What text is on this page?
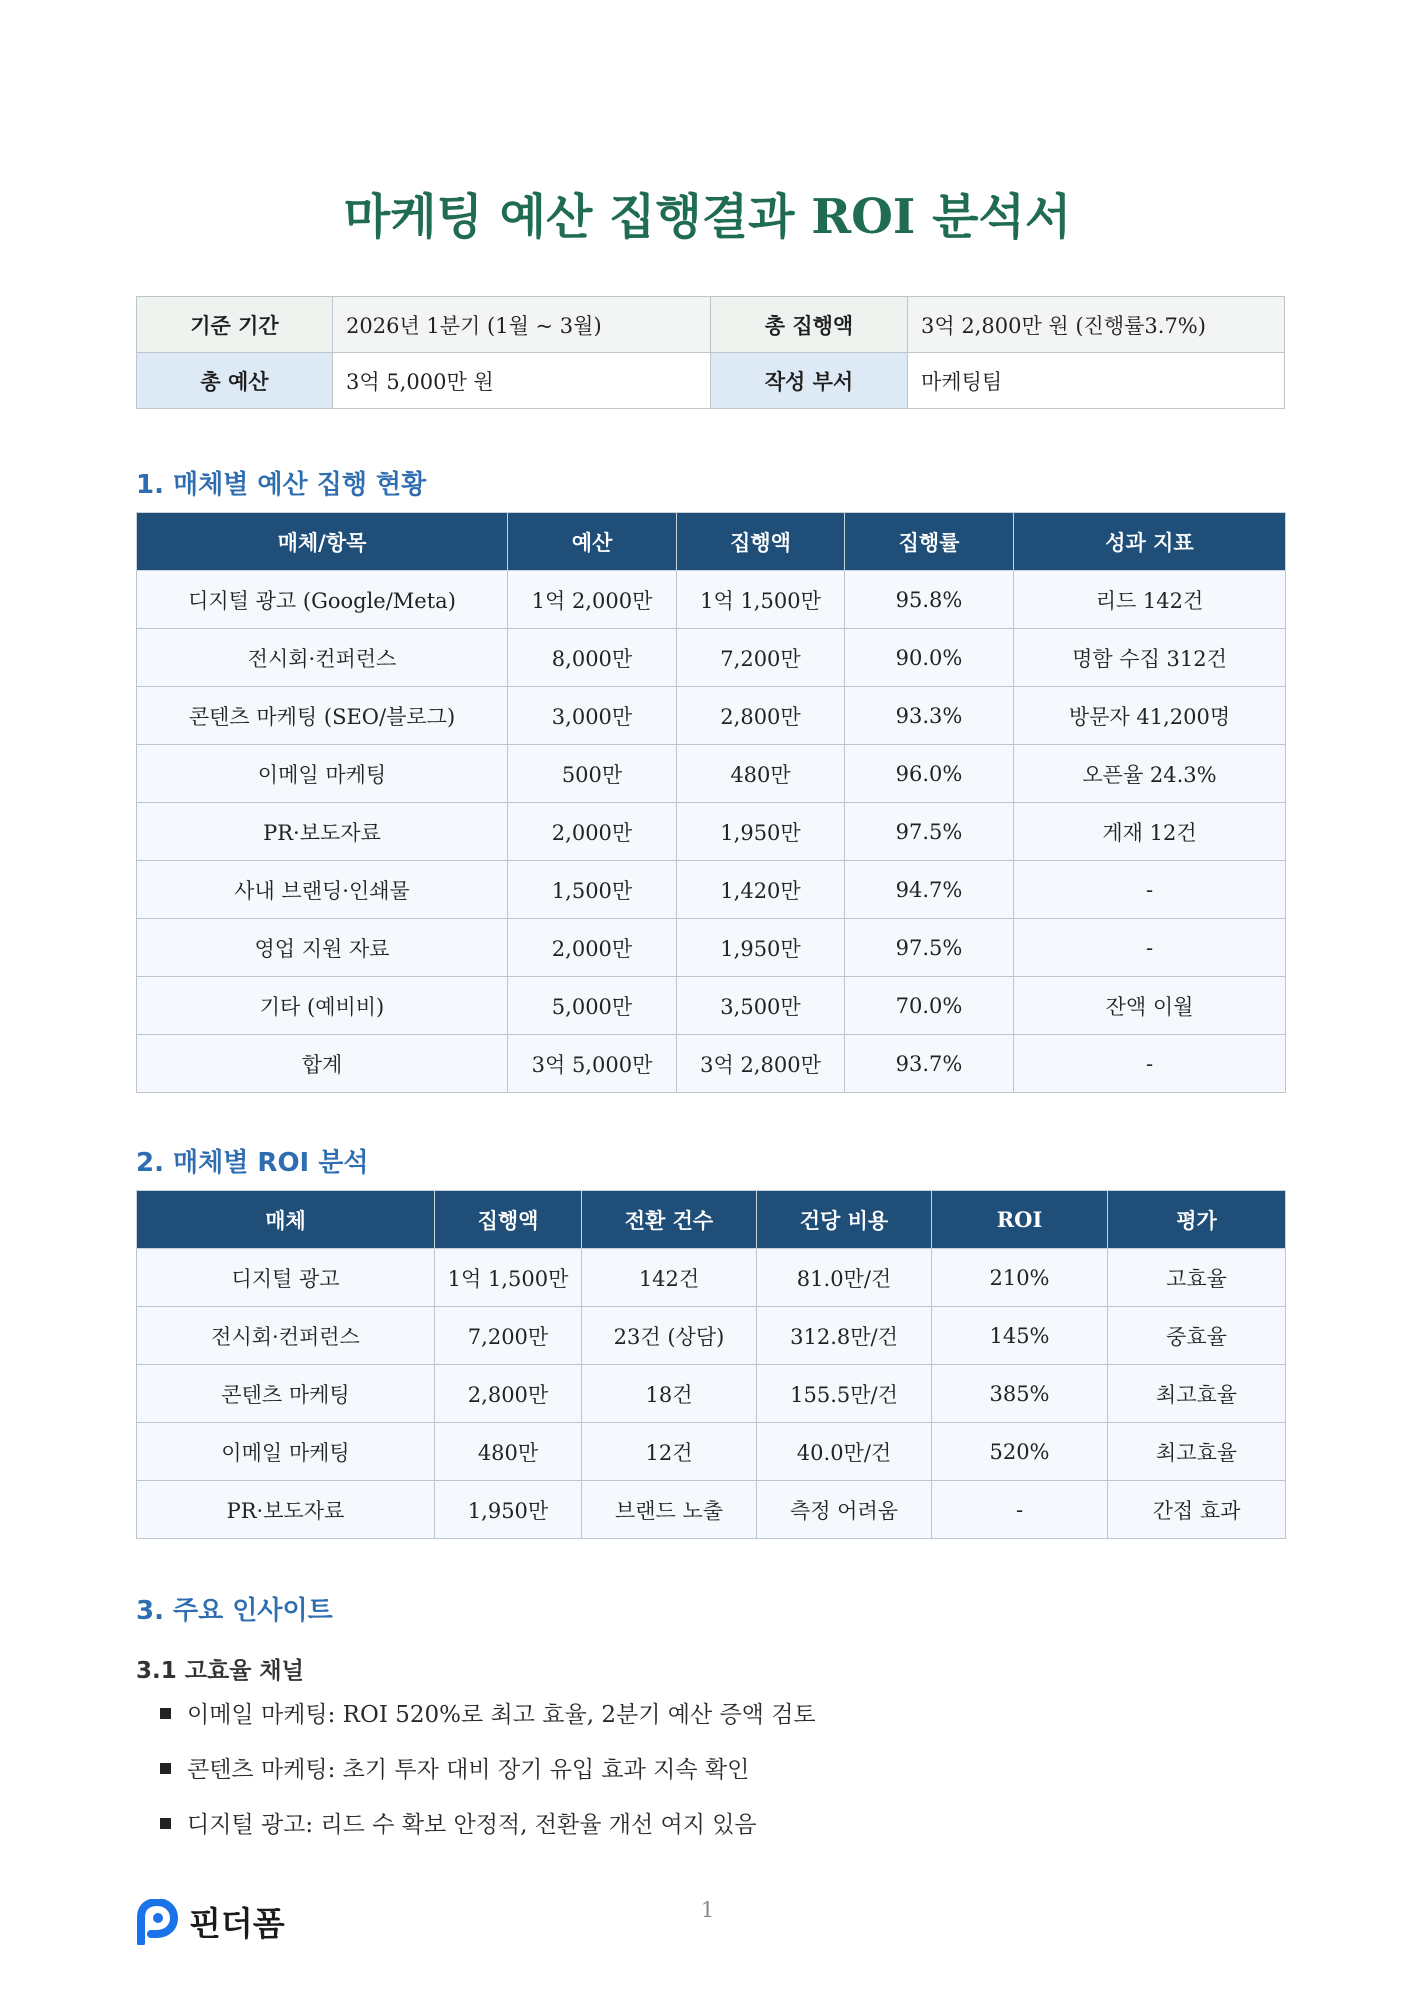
마케팅 예산 집행결과 ROI 분석서
기준 기간	2026년 1분기 (1월 ~ 3월)	총 집행액	3억 2,800만 원 (진행률3.7%)
총 예산	3억 5,000만 원	작성 부서	마케팅팀
1. 매체별 예산 집행 현황
매체/항목	예산	집행액	집행률	성과 지표
디지털 광고 (Google/Meta)	1억 2,000만	1억 1,500만	95.8%	리드 142건
전시회·컨퍼런스	8,000만	7,200만	90.0%	명함 수집 312건
콘텐츠 마케팅 (SEO/블로그)	3,000만	2,800만	93.3%	방문자 41,200명
이메일 마케팅	500만	480만	96.0%	오픈율 24.3%
PR·보도자료	2,000만	1,950만	97.5%	게재 12건
사내 브랜딩·인쇄물	1,500만	1,420만	94.7%	-
영업 지원 자료	2,000만	1,950만	97.5%	-
기타 (예비비)	5,000만	3,500만	70.0%	잔액 이월
합계	3억 5,000만	3억 2,800만	93.7%	-
2. 매체별 ROI 분석
매체	집행액	전환 건수	건당 비용	ROI	평가
디지털 광고	1억 1,500만	142건	81.0만/건	210%	고효율
전시회·컨퍼런스	7,200만	23건 (상담)	312.8만/건	145%	중효율
콘텐츠 마케팅	2,800만	18건	155.5만/건	385%	최고효율
이메일 마케팅	480만	12건	40.0만/건	520%	최고효율
PR·보도자료	1,950만	브랜드 노출	측정 어려움	-	간접 효과
3. 주요 인사이트
3.1 고효율 채널
이메일 마케팅: ROI 520%로 최고 효율, 2분기 예산 증액 검토
콘텐츠 마케팅: 초기 투자 대비 장기 유입 효과 지속 확인
디지털 광고: 리드 수 확보 안정적, 전환율 개선 여지 있음
핀더폼	1
